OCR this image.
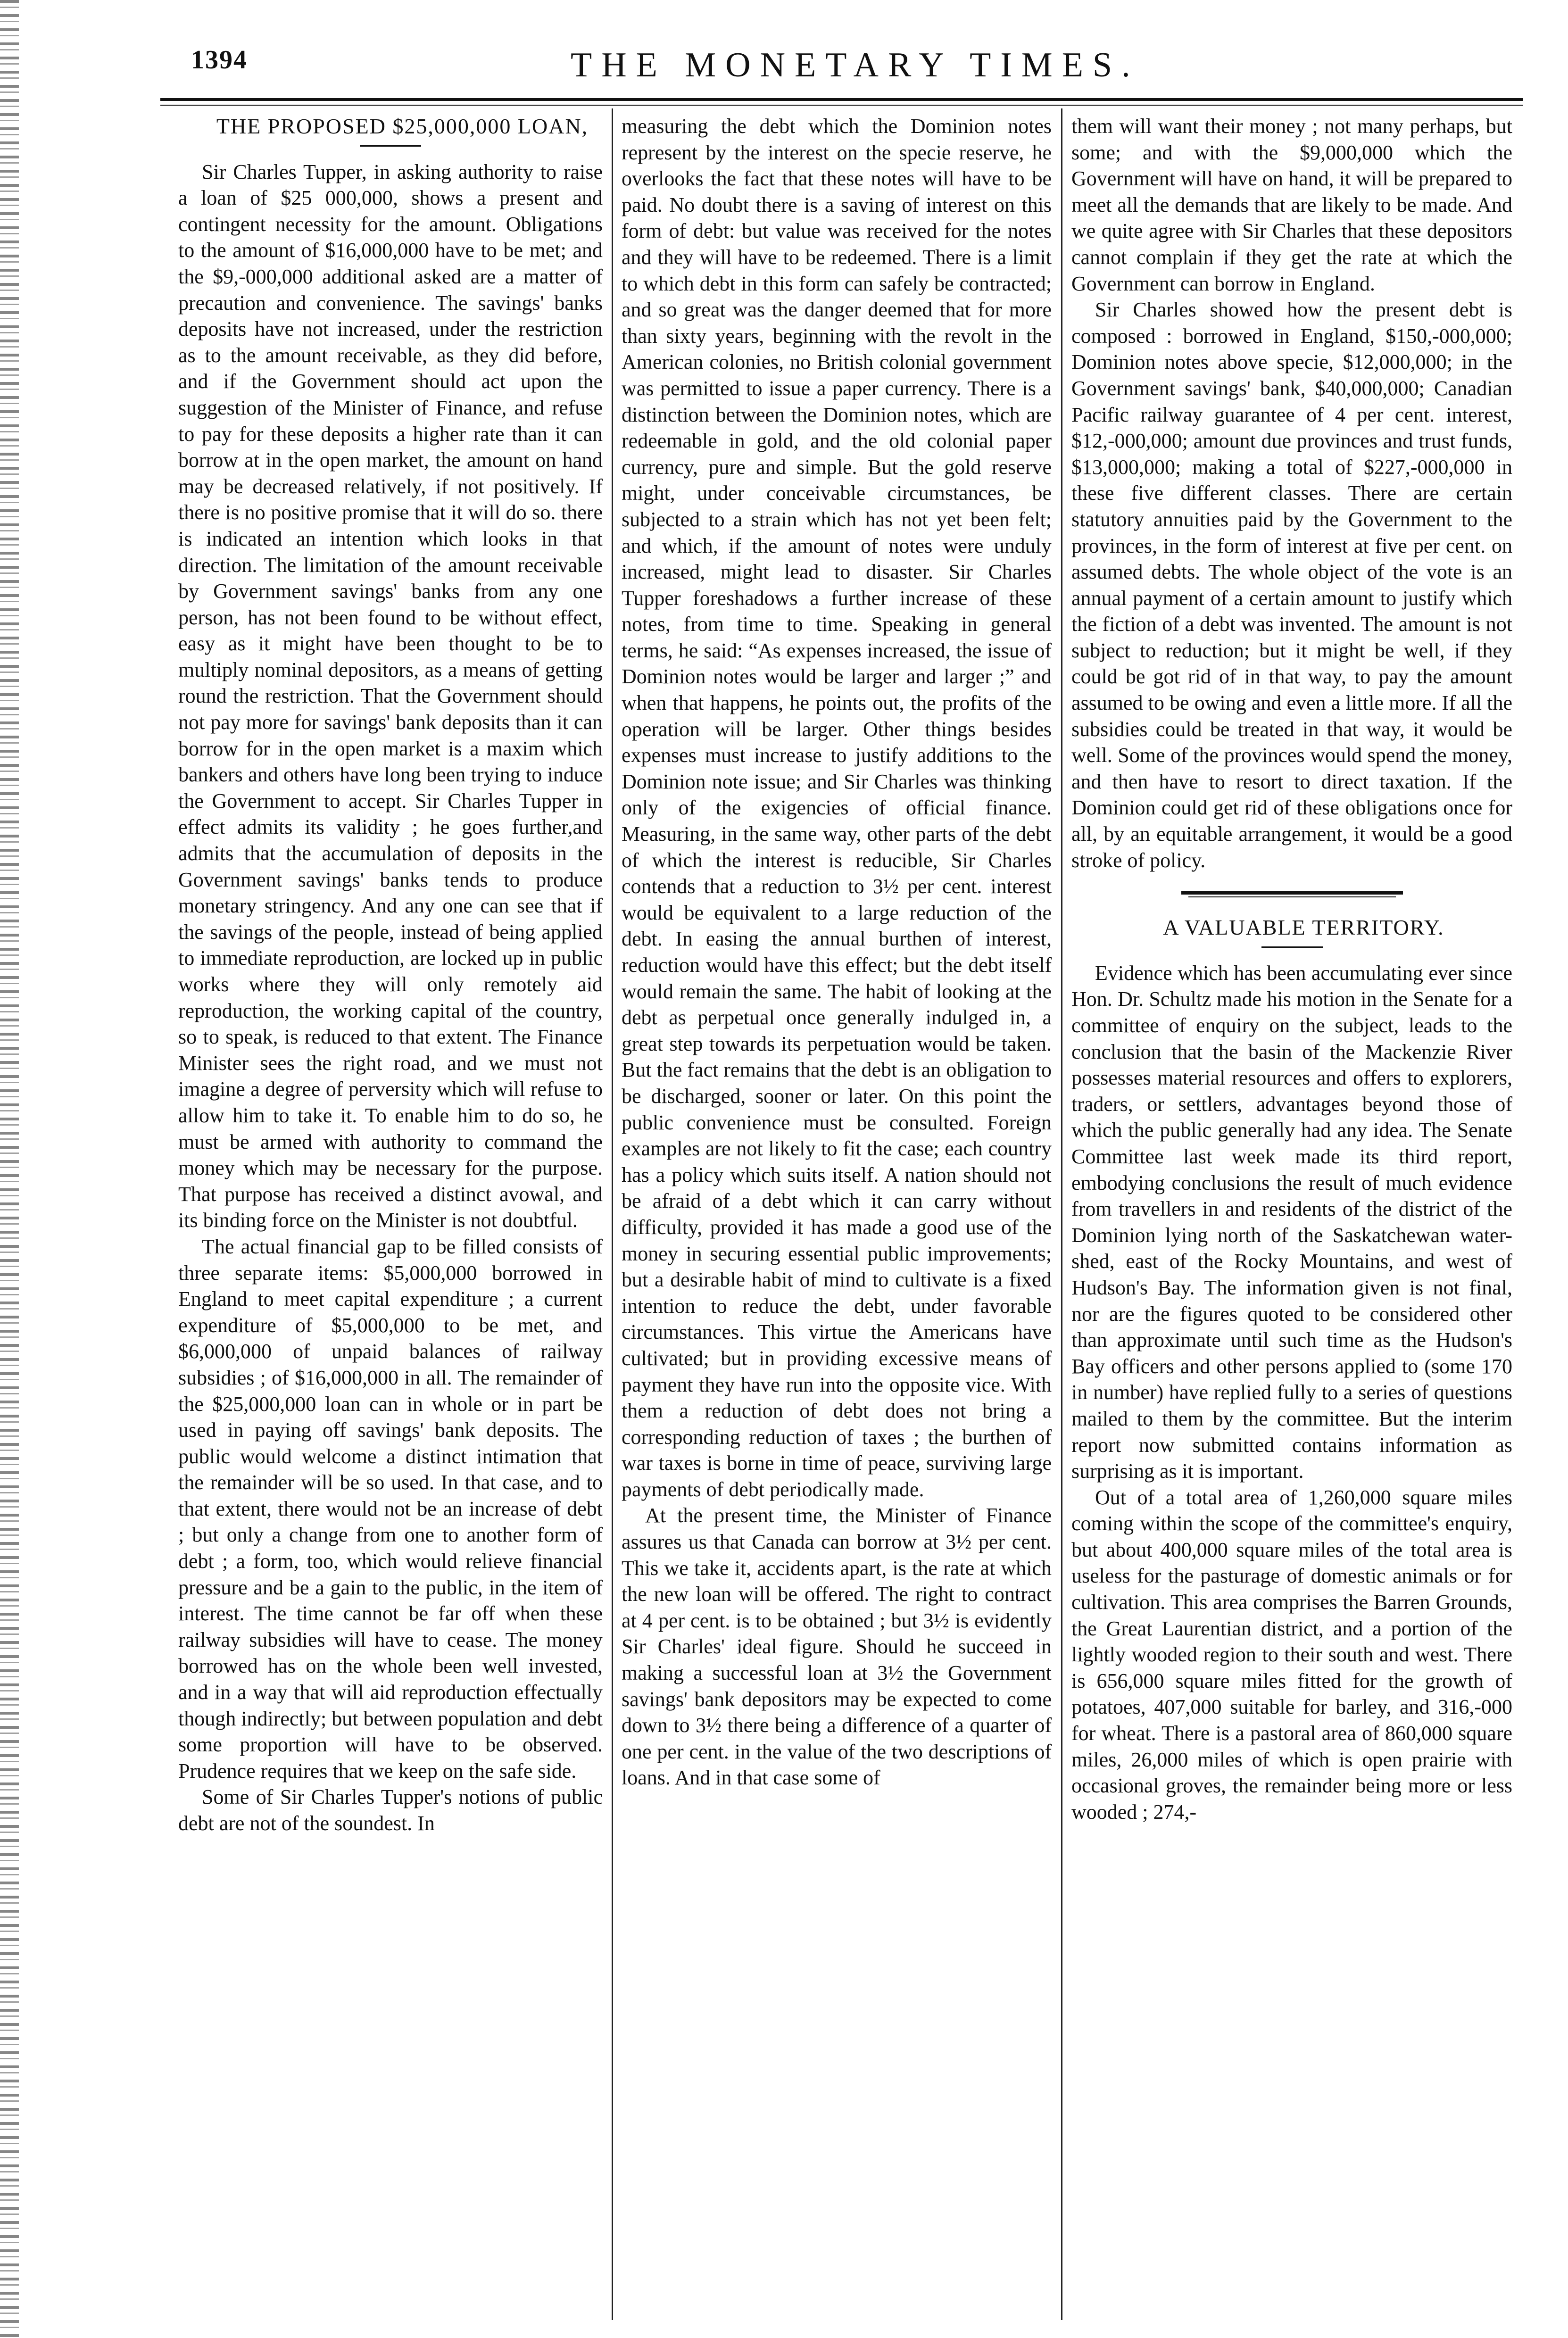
1394	THE MONETARY TIMES.

THE PROPOSED $25,000,000 LOAN,

Sir Charles Tupper, in asking authority to raise a loan of $25 000,000, shows a present and contingent necessity for the amount. Obligations to the amount of $16,000,000 have to be met; and the $9,-000,000 additional asked are a matter of precaution and convenience. The savings' banks deposits have not increased, under the restriction as to the amount receivable, as they did before, and if the Government should act upon the suggestion of the Minister of Finance, and refuse to pay for these deposits a higher rate than it can borrow at in the open market, the amount on hand may be decreased relatively, if not positively. If there is no positive promise that it will do so. there is indicated an intention which looks in that direction. The limitation of the amount receivable by Government savings' banks from any one person, has not been found to be without effect, easy as it might have been thought to be to multiply nominal depositors, as a means of getting round the restriction. That the Government should not pay more for savings' bank deposits than it can borrow for in the open market is a maxim which bankers and others have long been trying to induce the Government to accept. Sir Charles Tupper in effect admits its validity ; he goes further,and admits that the accumulation of deposits in the Government savings' banks tends to produce monetary stringency. And any one can see that if the savings of the people, instead of being applied to immediate reproduction, are locked up in public works where they will only remotely aid reproduction, the working capital of the country, so to speak, is reduced to that extent. The Finance Minister sees the right road, and we must not imagine a degree of perversity which will refuse to allow him to take it. To enable him to do so, he must be armed with authority to command the money which may be necessary for the purpose. That purpose has received a distinct avowal, and its binding force on the Minister is not doubtful.

The actual financial gap to be filled consists of three separate items: $5,000,000 borrowed in England to meet capital expenditure ; a current expenditure of $5,000,000 to be met, and $6,000,000 of unpaid balances of railway subsidies ; of $16,000,000 in all. The remainder of the $25,000,000 loan can in whole or in part be used in paying off savings' bank deposits. The public would welcome a distinct intimation that the remainder will be so used. In that case, and to that extent, there would not be an increase of debt ; but only a change from one to another form of debt ; a form, too, which would relieve financial pressure and be a gain to the public, in the item of interest. The time cannot be far off when these railway subsidies will have to cease. The money borrowed has on the whole been well invested, and in a way that will aid reproduction effectually though indirectly; but between population and debt some proportion will have to be observed. Prudence requires that we keep on the safe side.

Some of Sir Charles Tupper's notions of public debt are not of the soundest. In

measuring the debt which the Dominion notes represent by the interest on the specie reserve, he overlooks the fact that these notes will have to be paid. No doubt there is a saving of interest on this form of debt: but value was received for the notes and they will have to be redeemed. There is a limit to which debt in this form can safely be contracted; and so great was the danger deemed that for more than sixty years, beginning with the revolt in the American colonies, no British colonial government was permitted to issue a paper currency. There is a distinction between the Dominion notes, which are redeemable in gold, and the old colonial paper currency, pure and simple. But the gold reserve might, under conceivable circumstances, be subjected to a strain which has not yet been felt; and which, if the amount of notes were unduly increased, might lead to disaster. Sir Charles Tupper foreshadows a further increase of these notes, from time to time. Speaking in general terms, he said: “As expenses increased, the issue of Dominion notes would be larger and larger ;” and when that happens, he points out, the profits of the operation will be larger. Other things besides expenses must increase to justify additions to the Dominion note issue; and Sir Charles was thinking only of the exigencies of official finance. Measuring, in the same way, other parts of the debt of which the interest is reducible, Sir Charles contends that a reduction to 3½ per cent. interest would be equivalent to a large reduction of the debt. In easing the annual burthen of interest, reduction would have this effect; but the debt itself would remain the same. The habit of looking at the debt as perpetual once generally indulged in, a great step towards its perpetuation would be taken. But the fact remains that the debt is an obligation to be discharged, sooner or later. On this point the public convenience must be consulted. Foreign examples are not likely to fit the case; each country has a policy which suits itself. A nation should not be afraid of a debt which it can carry without difficulty, provided it has made a good use of the money in securing essential public improvements; but a desirable habit of mind to cultivate is a fixed intention to reduce the debt, under favorable circumstances. This virtue the Americans have cultivated; but in providing excessive means of payment they have run into the opposite vice. With them a reduction of debt does not bring a corresponding reduction of taxes ; the burthen of war taxes is borne in time of peace, surviving large payments of debt periodically made.

At the present time, the Minister of Finance assures us that Canada can borrow at 3½ per cent. This we take it, accidents apart, is the rate at which the new loan will be offered. The right to contract at 4 per cent. is to be obtained ; but 3½ is evidently Sir Charles' ideal figure. Should he succeed in making a successful loan at 3½ the Government savings' bank depositors may be expected to come down to 3½ there being a difference of a quarter of one per cent. in the value of the two descriptions of loans. And in that case some of

them will want their money ; not many perhaps, but some; and with the $9,000,000 which the Government will have on hand, it will be prepared to meet all the demands that are likely to be made. And we quite agree with Sir Charles that these depositors cannot complain if they get the rate at which the Government can borrow in England.

Sir Charles showed how the present debt is composed : borrowed in England, $150,-000,000; Dominion notes above specie, $12,000,000; in the Government savings' bank, $40,000,000; Canadian Pacific railway guarantee of 4 per cent. interest, $12,-000,000; amount due provinces and trust funds, $13,000,000; making a total of $227,-000,000 in these five different classes. There are certain statutory annuities paid by the Government to the provinces, in the form of interest at five per cent. on assumed debts. The whole object of the vote is an annual payment of a certain amount to justify which the fiction of a debt was invented. The amount is not subject to reduction; but it might be well, if they could be got rid of in that way, to pay the amount assumed to be owing and even a little more. If all the subsidies could be treated in that way, it would be well. Some of the provinces would spend the money, and then have to resort to direct taxation. If the Dominion could get rid of these obligations once for all, by an equitable arrangement, it would be a good stroke of policy.

A VALUABLE TERRITORY.

Evidence which has been accumulating ever since Hon. Dr. Schultz made his motion in the Senate for a committee of enquiry on the subject, leads to the conclusion that the basin of the Mackenzie River possesses material resources and offers to explorers, traders, or settlers, advantages beyond those of which the public generally had any idea. The Senate Committee last week made its third report, embodying conclusions the result of much evidence from travellers in and residents of the district of the Dominion lying north of the Saskatchewan water-shed, east of the Rocky Mountains, and west of Hudson's Bay. The information given is not final, nor are the figures quoted to be considered other than approximate until such time as the Hudson's Bay officers and other persons applied to (some 170 in number) have replied fully to a series of questions mailed to them by the committee. But the interim report now submitted contains information as surprising as it is important.

Out of a total area of 1,260,000 square miles coming within the scope of the committee's enquiry, but about 400,000 square miles of the total area is useless for the pasturage of domestic animals or for cultivation. This area comprises the Barren Grounds, the Great Laurentian district, and a portion of the lightly wooded region to their south and west. There is 656,000 square miles fitted for the growth of potatoes, 407,000 suitable for barley, and 316,-000 for wheat. There is a pastoral area of 860,000 square miles, 26,000 miles of which is open prairie with occasional groves, the remainder being more or less wooded ; 274,-
